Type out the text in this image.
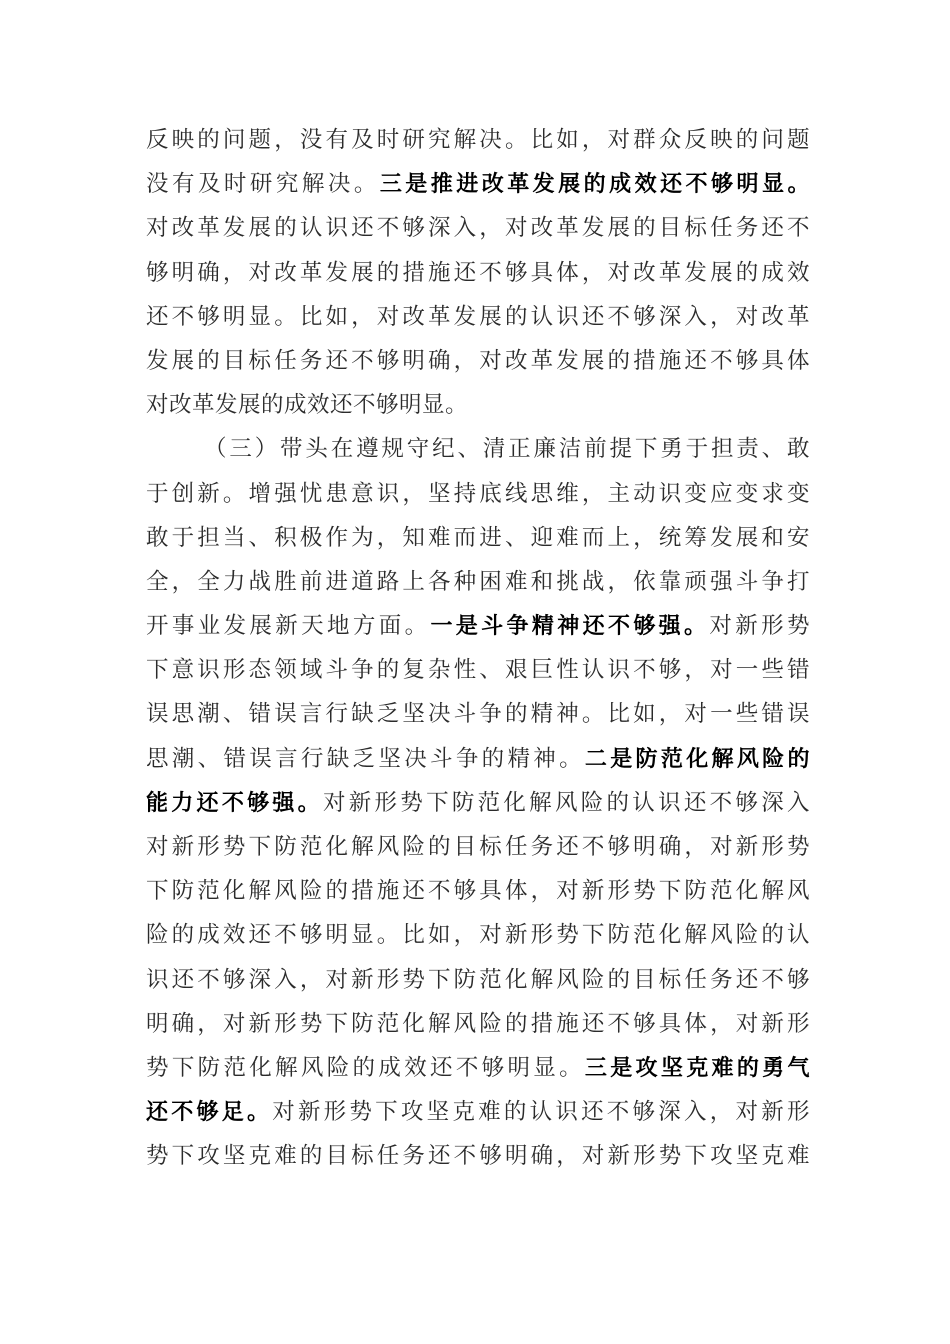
反映的问题，没有及时研究解决。比如，对群众反映的问题
没有及时研究解决。三是推进改革发展的成效还不够明显。
对改革发展的认识还不够深入，对改革发展的目标任务还不
够明确，对改革发展的措施还不够具体，对改革发展的成效
还不够明显。比如，对改革发展的认识还不够深入，对改革
发展的目标任务还不够明确，对改革发展的措施还不够具体
对改革发展的成效还不够明显。
（三）带头在遵规守纪、清正廉洁前提下勇于担责、敢
于创新。增强忧患意识，坚持底线思维，主动识变应变求变
敢于担当、积极作为，知难而进、迎难而上，统筹发展和安
全，全力战胜前进道路上各种困难和挑战，依靠顽强斗争打
开事业发展新天地方面。一是斗争精神还不够强。对新形势
下意识形态领域斗争的复杂性、艰巨性认识不够，对一些错
误思潮、错误言行缺乏坚决斗争的精神。比如，对一些错误
思潮、错误言行缺乏坚决斗争的精神。二是防范化解风险的
能力还不够强。对新形势下防范化解风险的认识还不够深入
对新形势下防范化解风险的目标任务还不够明确，对新形势
下防范化解风险的措施还不够具体，对新形势下防范化解风
险的成效还不够明显。比如，对新形势下防范化解风险的认
识还不够深入，对新形势下防范化解风险的目标任务还不够
明确，对新形势下防范化解风险的措施还不够具体，对新形
势下防范化解风险的成效还不够明显。三是攻坚克难的勇气
还不够足。对新形势下攻坚克难的认识还不够深入，对新形
势下攻坚克难的目标任务还不够明确，对新形势下攻坚克难
